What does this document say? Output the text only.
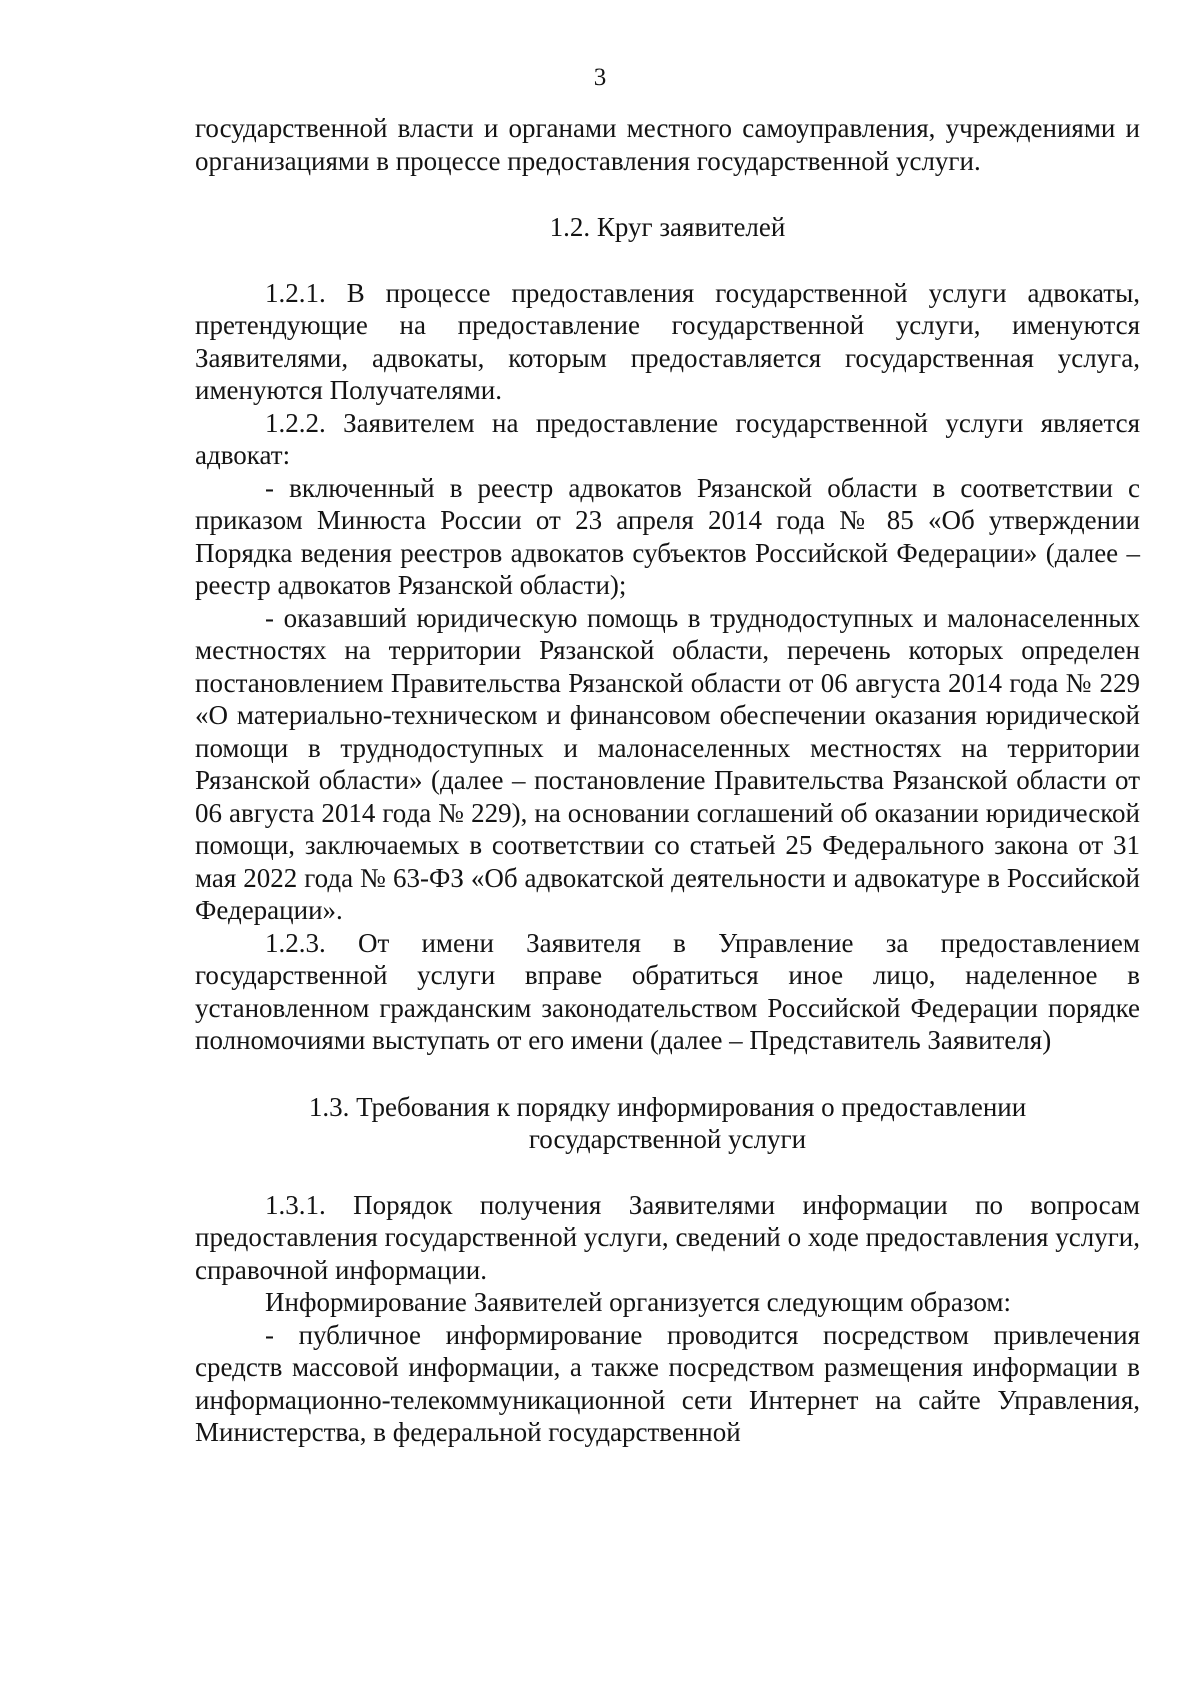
3

государственной власти и органами местного самоуправления, учреждениями и организациями в процессе предоставления государственной услуги.

1.2. Круг заявителей

1.2.1. В процессе предоставления государственной услуги адвокаты, претендующие на предоставление государственной услуги, именуются Заявителями, адвокаты, которым предоставляется государственная услуга, именуются Получателями.

1.2.2. Заявителем на предоставление государственной услуги является адвокат:

- включенный в реестр адвокатов Рязанской области в соответствии с приказом Минюста России от 23 апреля 2014 года № 85 «Об утверждении Порядка ведения реестров адвокатов субъектов Российской Федерации» (далее – реестр адвокатов Рязанской области);

- оказавший юридическую помощь в труднодоступных и малонаселенных местностях на территории Рязанской области, перечень которых определен постановлением Правительства Рязанской области от 06 августа 2014 года № 229 «О материально-техническом и финансовом обеспечении оказания юридической помощи в труднодоступных и малонаселенных местностях на территории Рязанской области» (далее – постановление Правительства Рязанской области от 06 августа 2014 года № 229), на основании соглашений об оказании юридической помощи, заключаемых в соответствии со статьей 25 Федерального закона от 31 мая 2022 года № 63-ФЗ «Об адвокатской деятельности и адвокатуре в Российской Федерации».

1.2.3. От имени Заявителя в Управление за предоставлением государственной услуги вправе обратиться иное лицо, наделенное в установленном гражданским законодательством Российской Федерации порядке полномочиями выступать от его имени (далее – Представитель Заявителя)

1.3. Требования к порядку информирования о предоставлении
государственной услуги

1.3.1. Порядок получения Заявителями информации по вопросам предоставления государственной услуги, сведений о ходе предоставления услуги, справочной информации.

Информирование Заявителей организуется следующим образом:

- публичное информирование проводится посредством привлечения средств массовой информации, а также посредством размещения информации в информационно-телекоммуникационной сети Интернет на сайте Управления, Министерства, в федеральной государственной
